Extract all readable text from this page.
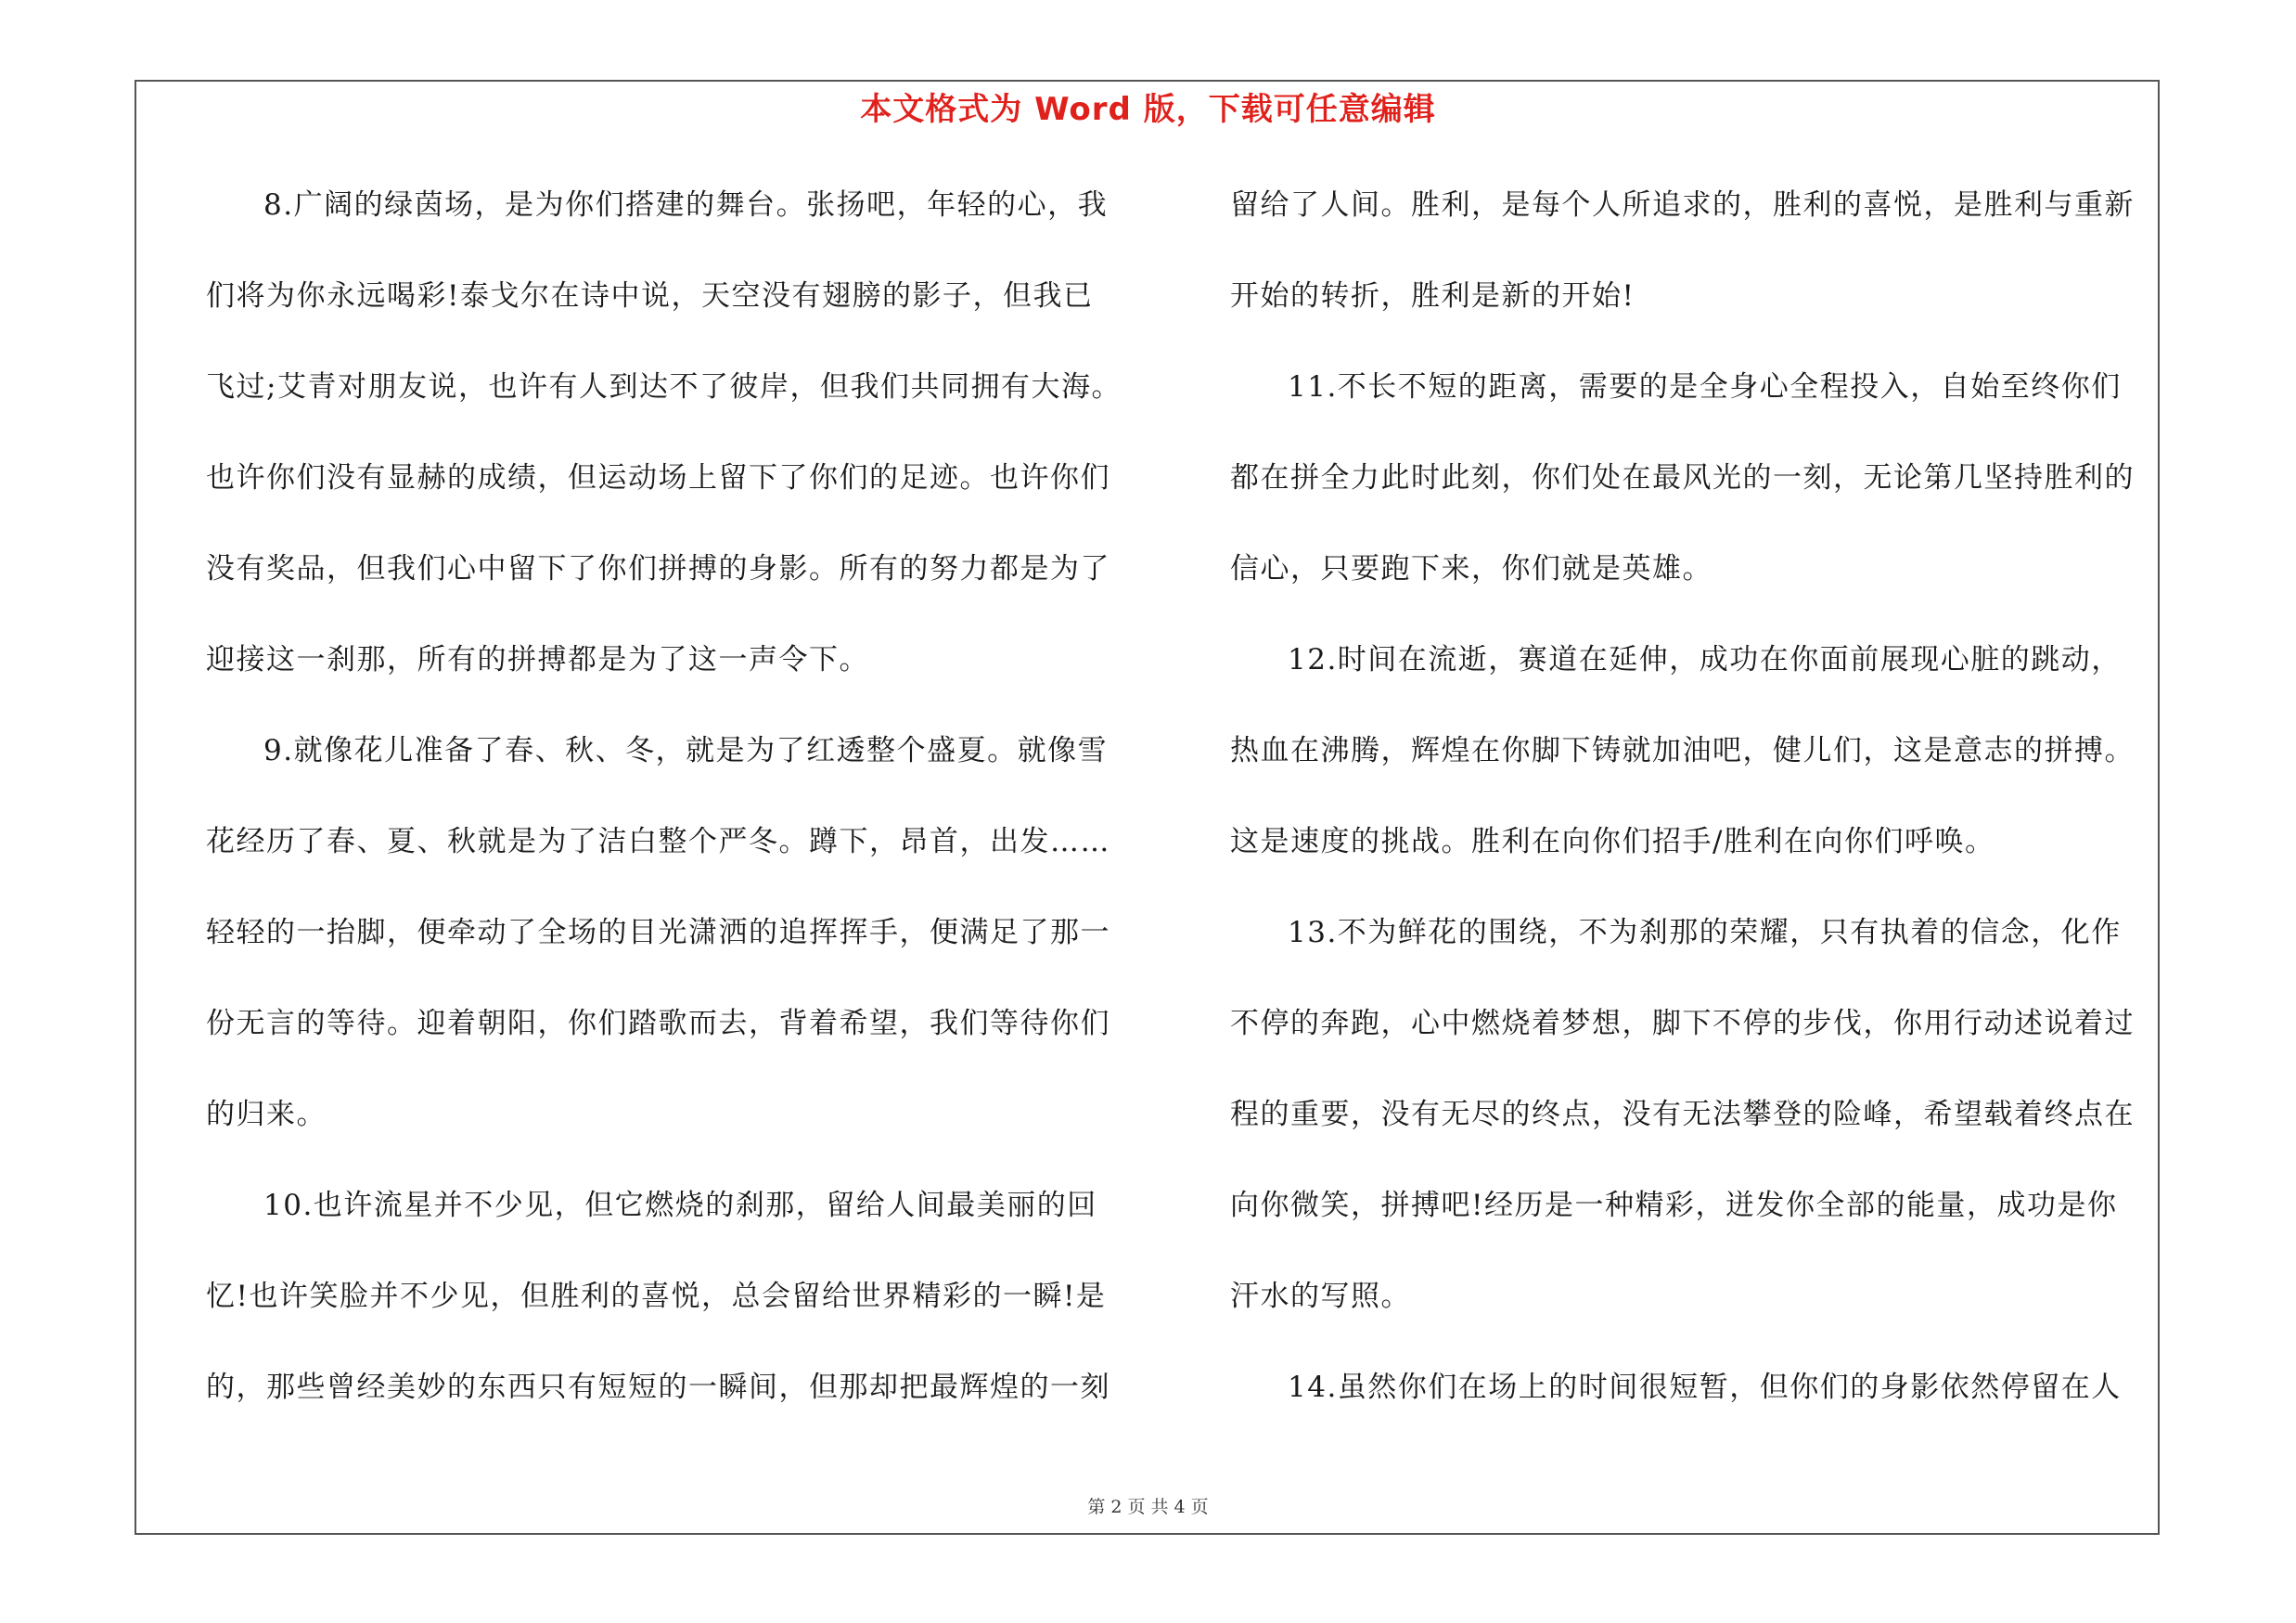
本文格式为 Word 版，下载可任意编辑
8.广阔的绿茵场，是为你们搭建的舞台。张扬吧，年轻的心，我
们将为你永远喝彩!泰戈尔在诗中说，天空没有翅膀的影子，但我已
飞过;艾青对朋友说，也许有人到达不了彼岸，但我们共同拥有大海。
也许你们没有显赫的成绩，但运动场上留下了你们的足迹。也许你们
没有奖品，但我们心中留下了你们拼搏的身影。所有的努力都是为了
迎接这一刹那，所有的拼搏都是为了这一声令下。
9.就像花儿准备了春、秋、冬，就是为了红透整个盛夏。就像雪
花经历了春、夏、秋就是为了洁白整个严冬。蹲下，昂首，出发……
轻轻的一抬脚，便牵动了全场的目光潇洒的追挥挥手，便满足了那一
份无言的等待。迎着朝阳，你们踏歌而去，背着希望，我们等待你们
的归来。
10.也许流星并不少见，但它燃烧的刹那，留给人间最美丽的回
忆!也许笑脸并不少见，但胜利的喜悦，总会留给世界精彩的一瞬!是
的，那些曾经美妙的东西只有短短的一瞬间，但那却把最辉煌的一刻
留给了人间。胜利，是每个人所追求的，胜利的喜悦，是胜利与重新
开始的转折，胜利是新的开始!
11.不长不短的距离，需要的是全身心全程投入，自始至终你们
都在拼全力此时此刻，你们处在最风光的一刻，无论第几坚持胜利的
信心，只要跑下来，你们就是英雄。
12.时间在流逝，赛道在延伸，成功在你面前展现心脏的跳动，
热血在沸腾，辉煌在你脚下铸就加油吧，健儿们，这是意志的拼搏。
这是速度的挑战。胜利在向你们招手/胜利在向你们呼唤。
13.不为鲜花的围绕，不为刹那的荣耀，只有执着的信念，化作
不停的奔跑，心中燃烧着梦想，脚下不停的步伐，你用行动述说着过
程的重要，没有无尽的终点，没有无法攀登的险峰，希望载着终点在
向你微笑，拼搏吧!经历是一种精彩，迸发你全部的能量，成功是你
汗水的写照。
14.虽然你们在场上的时间很短暂，但你们的身影依然停留在人
第 2 页 共 4 页
